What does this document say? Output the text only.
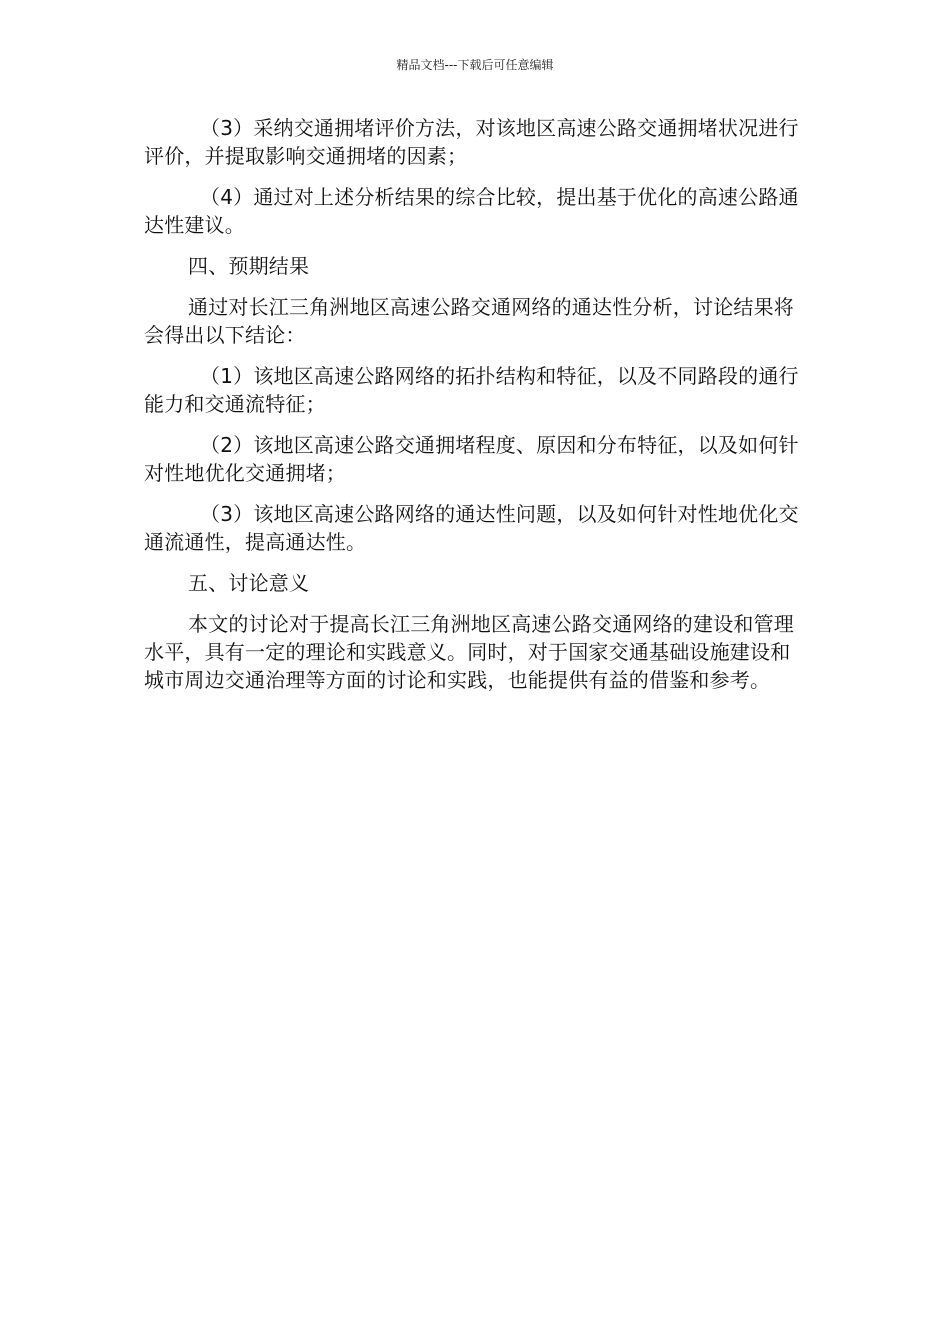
精品文档---下载后可任意编辑

（3）采纳交通拥堵评价方法，对该地区高速公路交通拥堵状况进行评价，并提取影响交通拥堵的因素；

（4）通过对上述分析结果的综合比较，提出基于优化的高速公路通达性建议。

四、预期结果

通过对长江三角洲地区高速公路交通网络的通达性分析，讨论结果将会得出以下结论：

（1）该地区高速公路网络的拓扑结构和特征，以及不同路段的通行能力和交通流特征；

（2）该地区高速公路交通拥堵程度、原因和分布特征，以及如何针对性地优化交通拥堵；

（3）该地区高速公路网络的通达性问题，以及如何针对性地优化交通流通性，提高通达性。

五、讨论意义

本文的讨论对于提高长江三角洲地区高速公路交通网络的建设和管理水平，具有一定的理论和实践意义。同时，对于国家交通基础设施建设和城市周边交通治理等方面的讨论和实践，也能提供有益的借鉴和参考。
